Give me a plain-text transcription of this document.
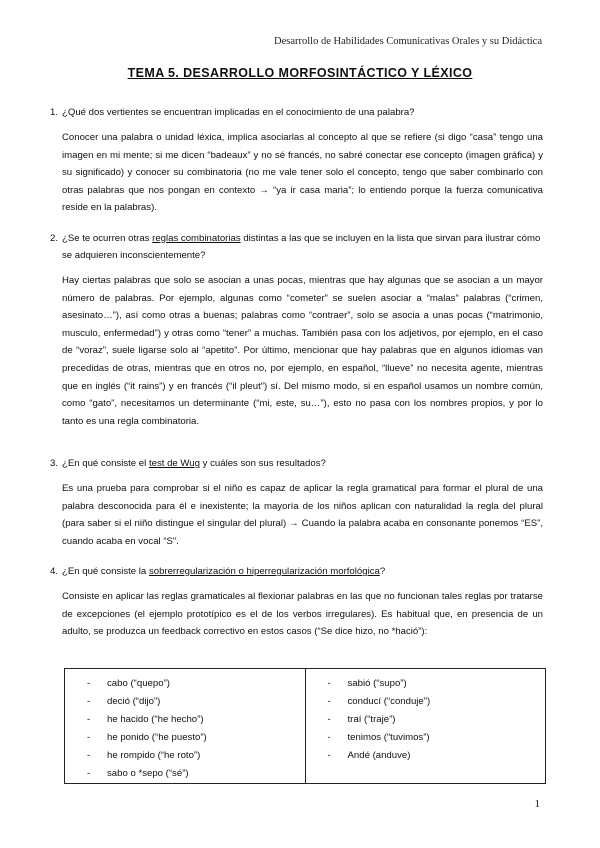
Desarrollo de Habilidades Comunicativas Orales y su Didáctica
TEMA 5. DESARROLLO MORFOSINTÁCTICO Y LÉXICO
1. ¿Qué dos vertientes se encuentran implicadas en el conocimiento de una palabra?
Conocer una palabra o unidad léxica, implica asociarlas al concepto al que se refiere (si digo “casa” tengo una imagen en mi mente; si me dicen “badeaux” y no sé francés, no sabré conectar ese concepto (imagen gráfica) y su significado) y conocer su combinatoria (no me vale tener solo el concepto, tengo que saber combinarlo con otras palabras que nos pongan en contexto → “ya ir casa maria”; lo entiendo porque la fuerza comunicativa reside en la palabras).
2. ¿Se te ocurren otras reglas combinatorias distintas a las que se incluyen en la lista que sirvan para ilustrar cómo se adquieren inconscientemente?
Hay ciertas palabras que solo se asocian a unas pocas, mientras que hay algunas que se asocian a un mayor número de palabras. Por ejemplo, algunas como “cometer” se suelen asociar a “malas” palabras (“crimen, asesinato…”), así como otras a buenas; palabras como “contraer”, solo se asocia a unas pocas (“matrimonio, musculo, enfermedad”) y otras como “tener” a muchas. También pasa con los adjetivos, por ejemplo, en el caso de “voraz”, suele ligarse solo al “apetito”. Por último, mencionar que hay palabras que en algunos idiomas van precedidas de otras, mientras que en otros no, por ejemplo, en español, “llueve” no necesita agente, mientras que en inglés (“it rains”) y en francés (“il pleut”) sí. Del mismo modo, si en español usamos un nombre común, como “gato”, necesitamos un determinante (“mi, este, su…”), esto no pasa con los nombres propios, y por lo tanto es una regla combinatoria.
3. ¿En qué consiste el test de Wug y cuáles son sus resultados?
Es una prueba para comprobar si el niño es capaz de aplicar la regla gramatical para formar el plural de una palabra desconocida para él e inexistente; la mayoría de los niños aplican con naturalidad la regla del plural (para saber si el niño distingue el singular del plural) → Cuando la palabra acaba en consonante ponemos “ES”, cuando acaba en vocal “S”.
4. ¿En qué consiste la sobrerregularización o hiperregularización morfológica?
Consiste en aplicar las reglas gramaticales al flexionar palabras en las que no funcionan tales reglas por tratarse de excepciones (el ejemplo prototípico es el de los verbos irregulares). Es habitual que, en presencia de un adulto, se produzca un feedback correctivo en estos casos (“Se dice hizo, no *hació”):
- cabo (“quepo”)
- deció (“dijo”)
- he hacido (“he hecho”)
- he ponido (“he puesto”)
- he rompido (“he roto”)
- sabo o *sepo (“sé”)
- sabió (“supo”)
- conducí (“conduje”)
- traí (“traje”)
- tenimos (“tuvimos”)
- Andé (anduve)
1
